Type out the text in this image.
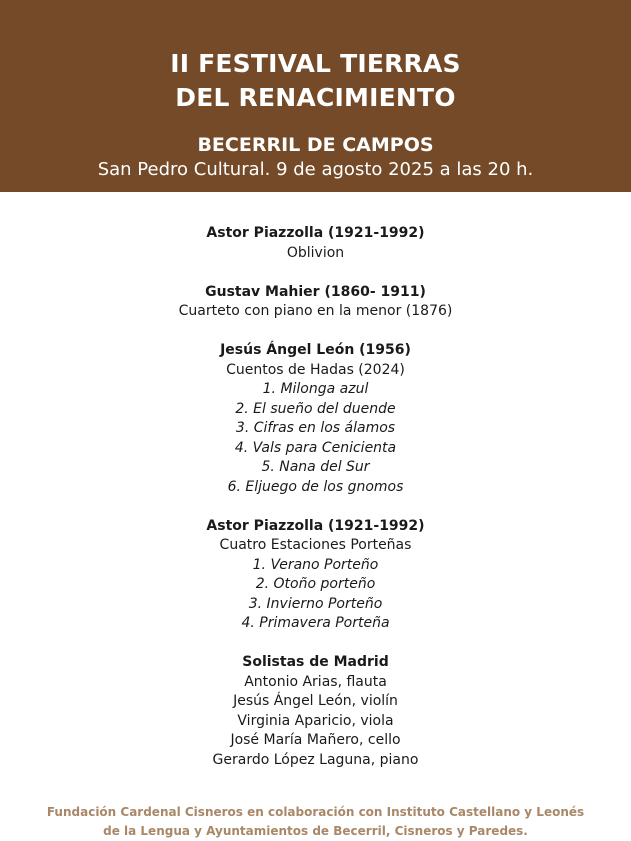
II FESTIVAL TIERRAS
DEL RENACIMIENTO
BECERRIL DE CAMPOS
San Pedro Cultural. 9 de agosto 2025 a las 20 h.
Astor Piazzolla (1921-1992)
Oblivion
Gustav Mahier (1860- 1911)
Cuarteto con piano en la menor (1876)
Jesús Ángel León (1956)
Cuentos de Hadas (2024)
1. Milonga azul
2. El sueño del duende
3. Cifras en los álamos
4. Vals para Cenicienta
5. Nana del Sur
6. Eljuego de los gnomos
Astor Piazzolla (1921-1992)
Cuatro Estaciones Porteñas
1. Verano Porteño
2. Otoño porteño
3. Invierno Porteño
4. Primavera Porteña
Solistas de Madrid
Antonio Arias, flauta
Jesús Ángel León, violín
Virginia Aparicio, viola
José María Mañero, cello
Gerardo López Laguna, piano
Fundación Cardenal Cisneros en colaboración con Instituto Castellano y Leonés
de la Lengua y Ayuntamientos de Becerril, Cisneros y Paredes.
